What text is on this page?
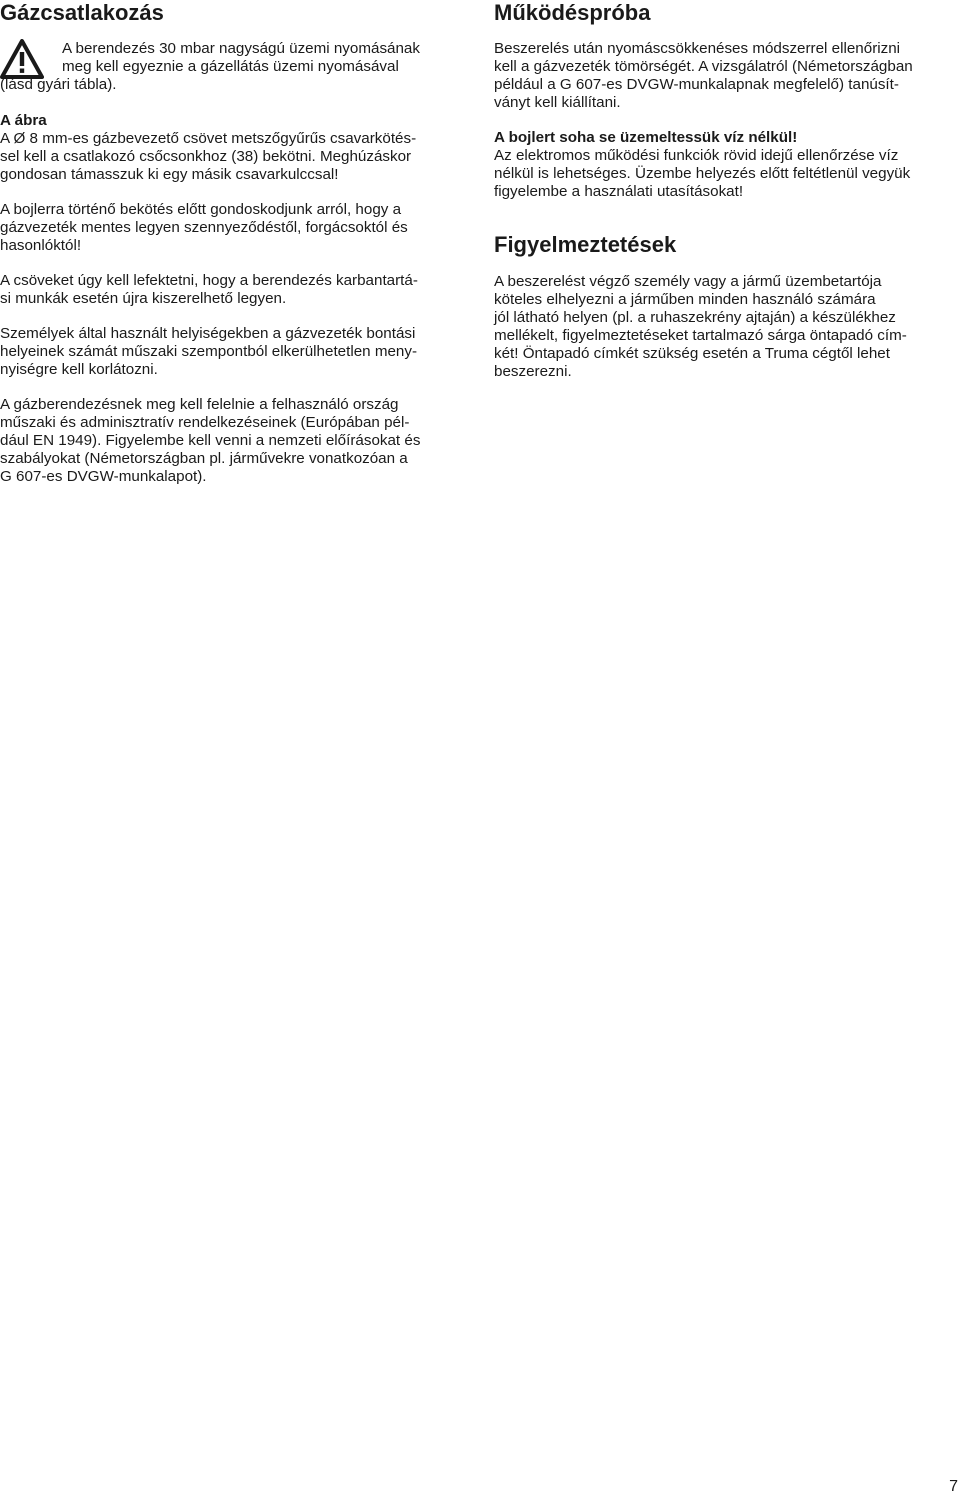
Gázcsatlakozás

A berendezés 30 mbar nagyságú üzemi nyomásának

meg kell egyeznie a gázellátás üzemi nyomásával

(lásd gyári tábla).

A ábra

A Ø 8 mm-es gázbevezető csövet metszőgyűrűs csavarkötés-

sel kell a csatlakozó csőcsonkhoz (38) bekötni. Meghúzáskor

gondosan támasszuk ki egy másik csavarkulccsal!

A bojlerra történő bekötés előtt gondoskodjunk arról, hogy a

gázvezeték mentes legyen szennyeződéstől, forgácsoktól és

hasonlóktól!

A csöveket úgy kell lefektetni, hogy a berendezés karbantartá-

si munkák esetén újra kiszerelhető legyen.

Személyek által használt helyiségekben a gázvezeték bontási

helyeinek számát műszaki szempontból elkerülhetetlen meny-

nyiségre kell korlátozni.

A gázberendezésnek meg kell felelnie a felhasználó ország

műszaki és adminisztratív rendelkezéseinek (Európában pél-

dául EN 1949). Figyelembe kell venni a nemzeti előírásokat és

szabályokat (Németországban pl. járművekre vonatkozóan a

G 607-es DVGW-munkalapot).

Működéspróba

Beszerelés után nyomáscsökkenéses módszerrel ellenőrizni

kell a gázvezeték tömörségét. A vizsgálatról (Németországban

például a G 607-es DVGW-munkalapnak megfelelő) tanúsít-

ványt kell kiállítani.

A bojlert soha se üzemeltessük víz nélkül!

Az elektromos működési funkciók rövid idejű ellenőrzése víz

nélkül is lehetséges. Üzembe helyezés előtt feltétlenül vegyük

figyelembe a használati utasításokat!

Figyelmeztetések

A beszerelést végző személy vagy a jármű üzembetartója

köteles elhelyezni a járműben minden használó számára

jól látható helyen (pl. a ruhaszekrény ajtaján) a készülékhez

mellékelt, figyelmeztetéseket tartalmazó sárga öntapadó cím-

két! Öntapadó címkét szükség esetén a Truma cégtől lehet

beszerezni.

7
